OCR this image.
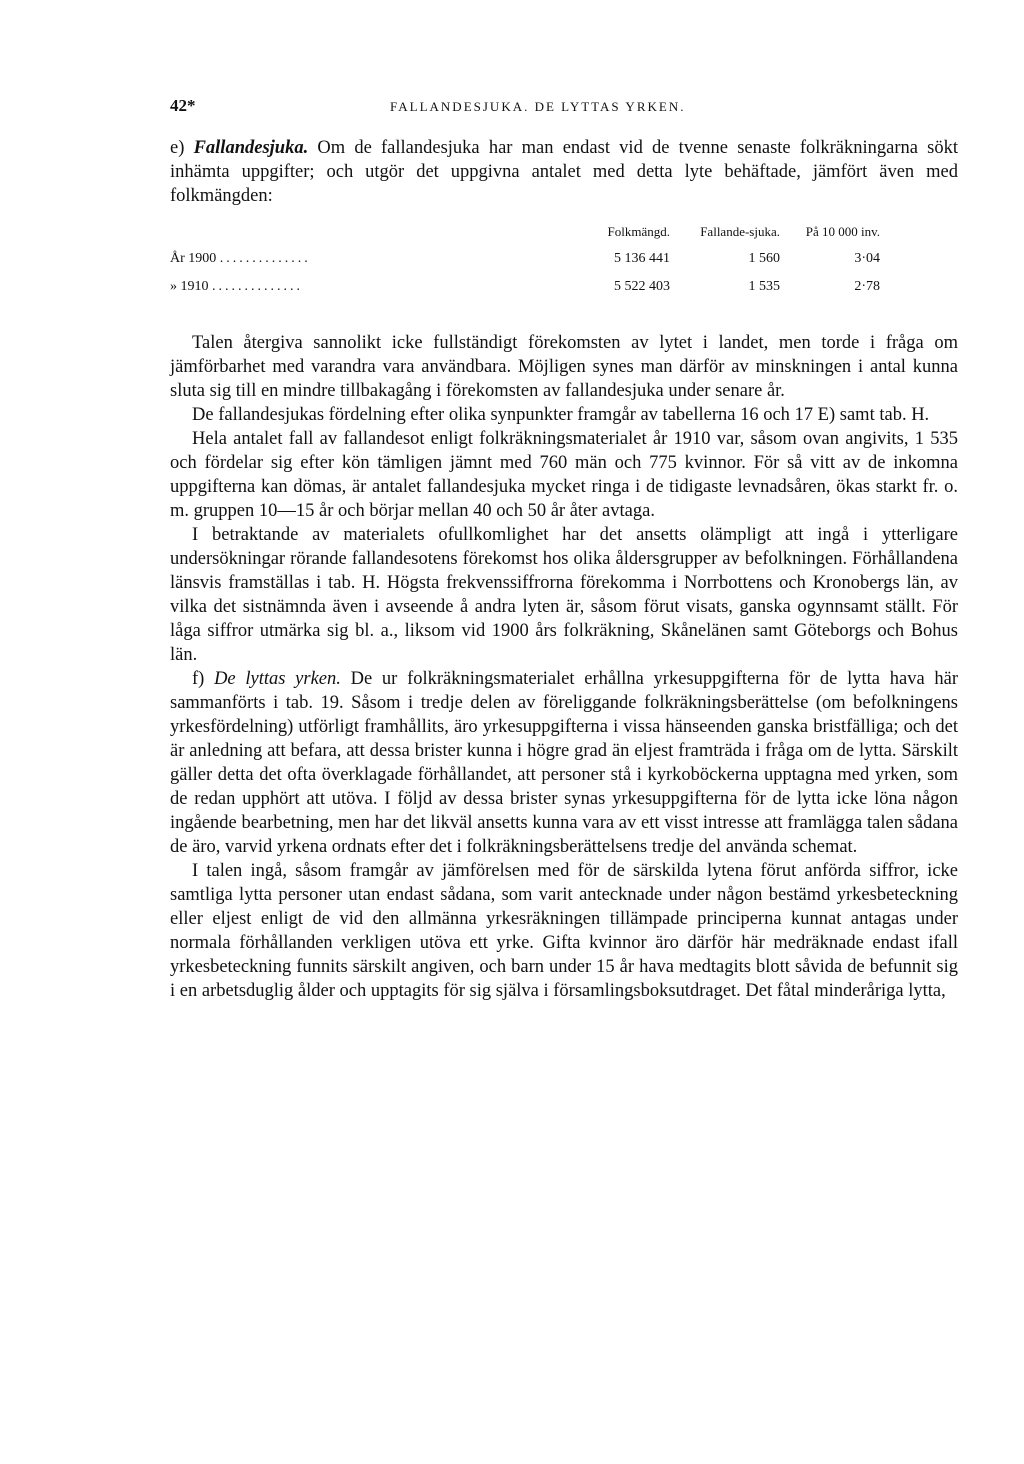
42*	FALLANDESJUKA. DE LYTTAS YRKEN.

e) Fallandesjuka. Om de fallandesjuka har man endast vid de tvenne senaste folkräkningarna sökt inhämta uppgifter; och utgör det uppgivna antalet med detta lyte behäftade, jämfört även med folkmängden:

	Folkmängd.	Fallande-sjuka.	På 10 000 inv.
År 1900 ..............	5 136 441	1 560	3·04
» 1910 ..............	5 522 403	1 535	2·78

Talen återgiva sannolikt icke fullständigt förekomsten av lytet i landet, men torde i fråga om jämförbarhet med varandra vara användbara. Möjligen synes man därför av minskningen i antal kunna sluta sig till en mindre tillbakagång i förekomsten av fallandesjuka under senare år.

De fallandesjukas fördelning efter olika synpunkter framgår av tabellerna 16 och 17 E) samt tab. H.

Hela antalet fall av fallandesot enligt folkräkningsmaterialet år 1910 var, såsom ovan angivits, 1 535 och fördelar sig efter kön tämligen jämnt med 760 män och 775 kvinnor. För så vitt av de inkomna uppgifterna kan dömas, är antalet fallandesjuka mycket ringa i de tidigaste levnadsåren, ökas starkt fr. o. m. gruppen 10—15 år och börjar mellan 40 och 50 år åter avtaga.

I betraktande av materialets ofullkomlighet har det ansetts olämpligt att ingå i ytterligare undersökningar rörande fallandesotens förekomst hos olika åldersgrupper av befolkningen. Förhållandena länsvis framställas i tab. H. Högsta frekvenssiffrorna förekomma i Norrbottens och Kronobergs län, av vilka det sistnämnda även i avseende å andra lyten är, såsom förut visats, ganska ogynnsamt ställt. För låga siffror utmärka sig bl. a., liksom vid 1900 års folkräkning, Skånelänen samt Göteborgs och Bohus län.

f) De lyttas yrken. De ur folkräkningsmaterialet erhållna yrkesuppgifterna för de lytta hava här sammanförts i tab. 19. Såsom i tredje delen av föreliggande folkräkningsberättelse (om befolkningens yrkesfördelning) utförligt framhållits, äro yrkesuppgifterna i vissa hänseenden ganska bristfälliga; och det är anledning att befara, att dessa brister kunna i högre grad än eljest framträda i fråga om de lytta. Särskilt gäller detta det ofta överklagade förhållandet, att personer stå i kyrkoböckerna upptagna med yrken, som de redan upphört att utöva. I följd av dessa brister synas yrkesuppgifterna för de lytta icke löna någon ingående bearbetning, men har det likväl ansetts kunna vara av ett visst intresse att framlägga talen sådana de äro, varvid yrkena ordnats efter det i folkräkningsberättelsens tredje del använda schemat.

I talen ingå, såsom framgår av jämförelsen med för de särskilda lytena förut anförda siffror, icke samtliga lytta personer utan endast sådana, som varit antecknade under någon bestämd yrkesbeteckning eller eljest enligt de vid den allmänna yrkesräkningen tillämpade principerna kunnat antagas under normala förhållanden verkligen utöva ett yrke. Gifta kvinnor äro därför här medräknade endast ifall yrkesbeteckning funnits särskilt angiven, och barn under 15 år hava medtagits blott såvida de befunnit sig i en arbetsduglig ålder och upptagits för sig själva i församlingsboksutdraget. Det fåtal minderåriga lytta,
